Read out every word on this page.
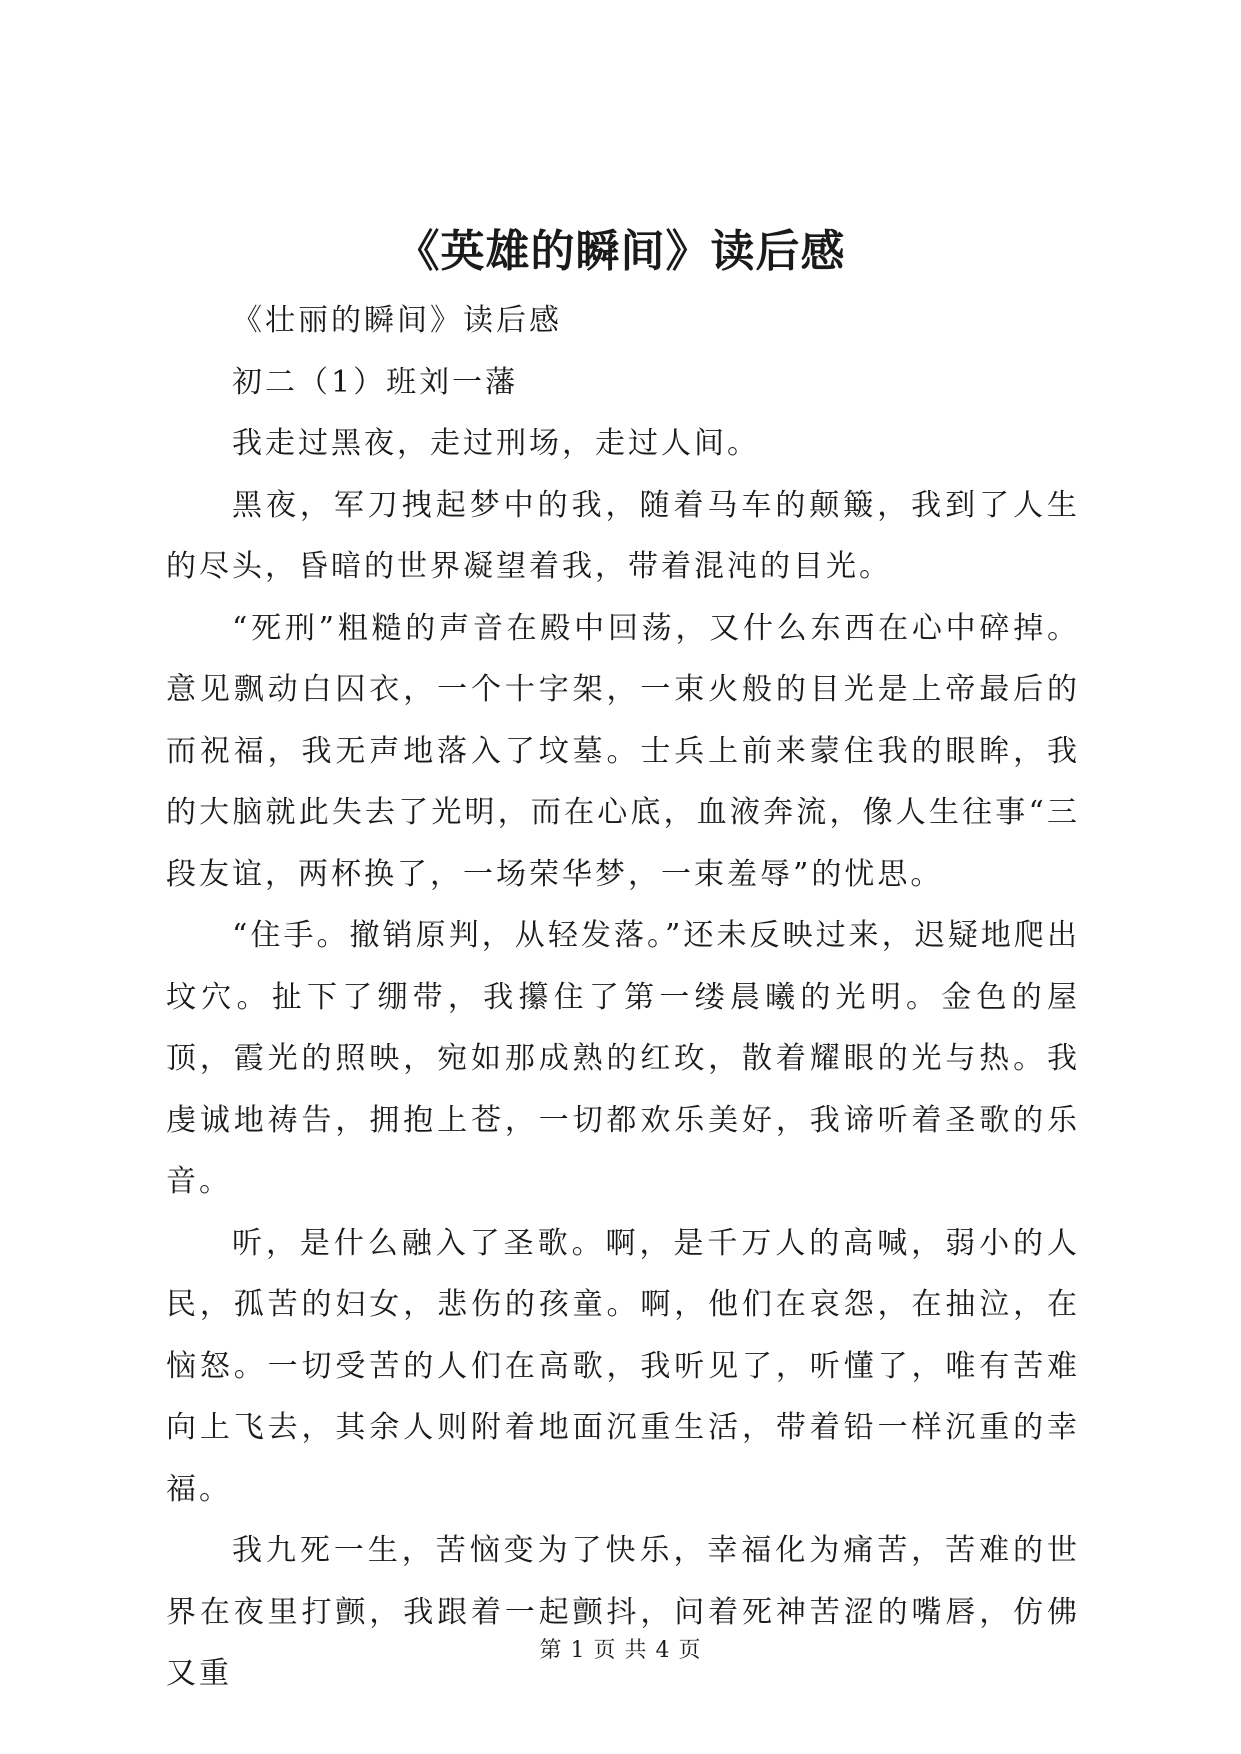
《英雄的瞬间》读后感

《壮丽的瞬间》读后感

初二（1）班刘一藩

我走过黑夜，走过刑场，走过人间。

黑夜，军刀拽起梦中的我，随着马车的颠簸，我到了人生的尽头，昏暗的世界凝望着我，带着混沌的目光。

“死刑”粗糙的声音在殿中回荡，又什么东西在心中碎掉。意见飘动白囚衣，一个十字架，一束火般的目光是上帝最后的而祝福，我无声地落入了坟墓。士兵上前来蒙住我的眼眸，我的大脑就此失去了光明，而在心底，血液奔流，像人生往事“三段友谊，两杯换了，一场荣华梦，一束羞辱”的忧思。

“住手。撤销原判，从轻发落。”还未反映过来，迟疑地爬出坟穴。扯下了绷带，我攥住了第一缕晨曦的光明。金色的屋顶，霞光的照映，宛如那成熟的红玫，散着耀眼的光与热。我虔诚地祷告，拥抱上苍，一切都欢乐美好，我谛听着圣歌的乐音。

听，是什么融入了圣歌。啊，是千万人的高喊，弱小的人民，孤苦的妇女，悲伤的孩童。啊，他们在哀怨，在抽泣，在恼怒。一切受苦的人们在高歌，我听见了，听懂了，唯有苦难向上飞去，其余人则附着地面沉重生活，带着铅一样沉重的幸福。

我九死一生，苦恼变为了快乐，幸福化为痛苦，苦难的世界在夜里打颤，我跟着一起颤抖，问着死神苦涩的嘴唇，仿佛又重

第 1 页 共 4 页
